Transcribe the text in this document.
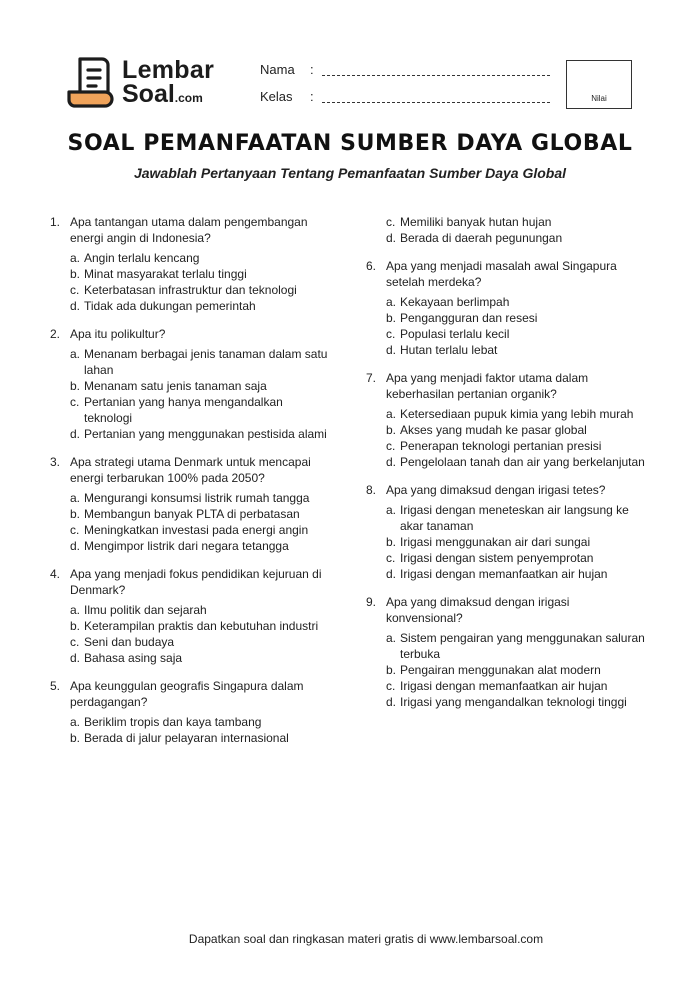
Lembar
Soal.com
Nama :
Kelas :	Nilai
SOAL PEMANFAATAN SUMBER DAYA GLOBAL
Jawablah Pertanyaan Tentang Pemanfaatan Sumber Daya Global
1. Apa tantangan utama dalam pengembangan energi angin di Indonesia?
a. Angin terlalu kencang
b. Minat masyarakat terlalu tinggi
c. Keterbatasan infrastruktur dan teknologi
d. Tidak ada dukungan pemerintah
2. Apa itu polikultur?
a. Menanam berbagai jenis tanaman dalam satu lahan
b. Menanam satu jenis tanaman saja
c. Pertanian yang hanya mengandalkan teknologi
d. Pertanian yang menggunakan pestisida alami
3. Apa strategi utama Denmark untuk mencapai energi terbarukan 100% pada 2050?
a. Mengurangi konsumsi listrik rumah tangga
b. Membangun banyak PLTA di perbatasan
c. Meningkatkan investasi pada energi angin
d. Mengimpor listrik dari negara tetangga
4. Apa yang menjadi fokus pendidikan kejuruan di Denmark?
a. Ilmu politik dan sejarah
b. Keterampilan praktis dan kebutuhan industri
c. Seni dan budaya
d. Bahasa asing saja
5. Apa keunggulan geografis Singapura dalam perdagangan?
a. Beriklim tropis dan kaya tambang
b. Berada di jalur pelayaran internasional
c. Memiliki banyak hutan hujan
d. Berada di daerah pegunungan
6. Apa yang menjadi masalah awal Singapura setelah merdeka?
a. Kekayaan berlimpah
b. Pengangguran dan resesi
c. Populasi terlalu kecil
d. Hutan terlalu lebat
7. Apa yang menjadi faktor utama dalam keberhasilan pertanian organik?
a. Ketersediaan pupuk kimia yang lebih murah
b. Akses yang mudah ke pasar global
c. Penerapan teknologi pertanian presisi
d. Pengelolaan tanah dan air yang berkelanjutan
8. Apa yang dimaksud dengan irigasi tetes?
a. Irigasi dengan meneteskan air langsung ke akar tanaman
b. Irigasi menggunakan air dari sungai
c. Irigasi dengan sistem penyemprotan
d. Irigasi dengan memanfaatkan air hujan
9. Apa yang dimaksud dengan irigasi konvensional?
a. Sistem pengairan yang menggunakan saluran terbuka
b. Pengairan menggunakan alat modern
c. Irigasi dengan memanfaatkan air hujan
d. Irigasi yang mengandalkan teknologi tinggi
Dapatkan soal dan ringkasan materi gratis di www.lembarsoal.com
